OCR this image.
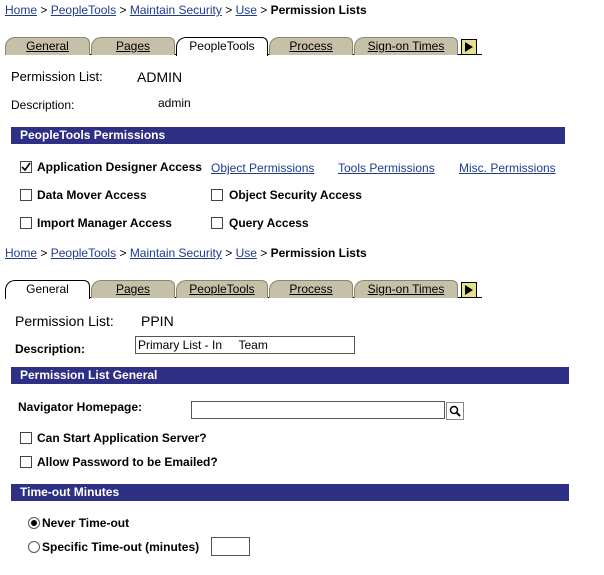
Home > PeopleTools > Maintain Security > Use > Permission Lists
General	Pages	PeopleTools	Process	Sign-on Times
Permission List: ADMIN
Description:	admin
PeopleTools Permissions
Application Designer Access Object Permissions Tools Permissions Misc. Permissions
Data Mover Access	Object Security Access
Import Manager Access	Query Access
Home > PeopleTools > Maintain Security > Use > Permission Lists
General	Pages	PeopleTools	Process	Sign-on Times
Permission List: PPIN
Description:	Primary List - In     Team
Permission List General
Navigator Homepage:
Can Start Application Server?
Allow Password to be Emailed?
Time-out Minutes
Never Time-out
Specific Time-out (minutes)
